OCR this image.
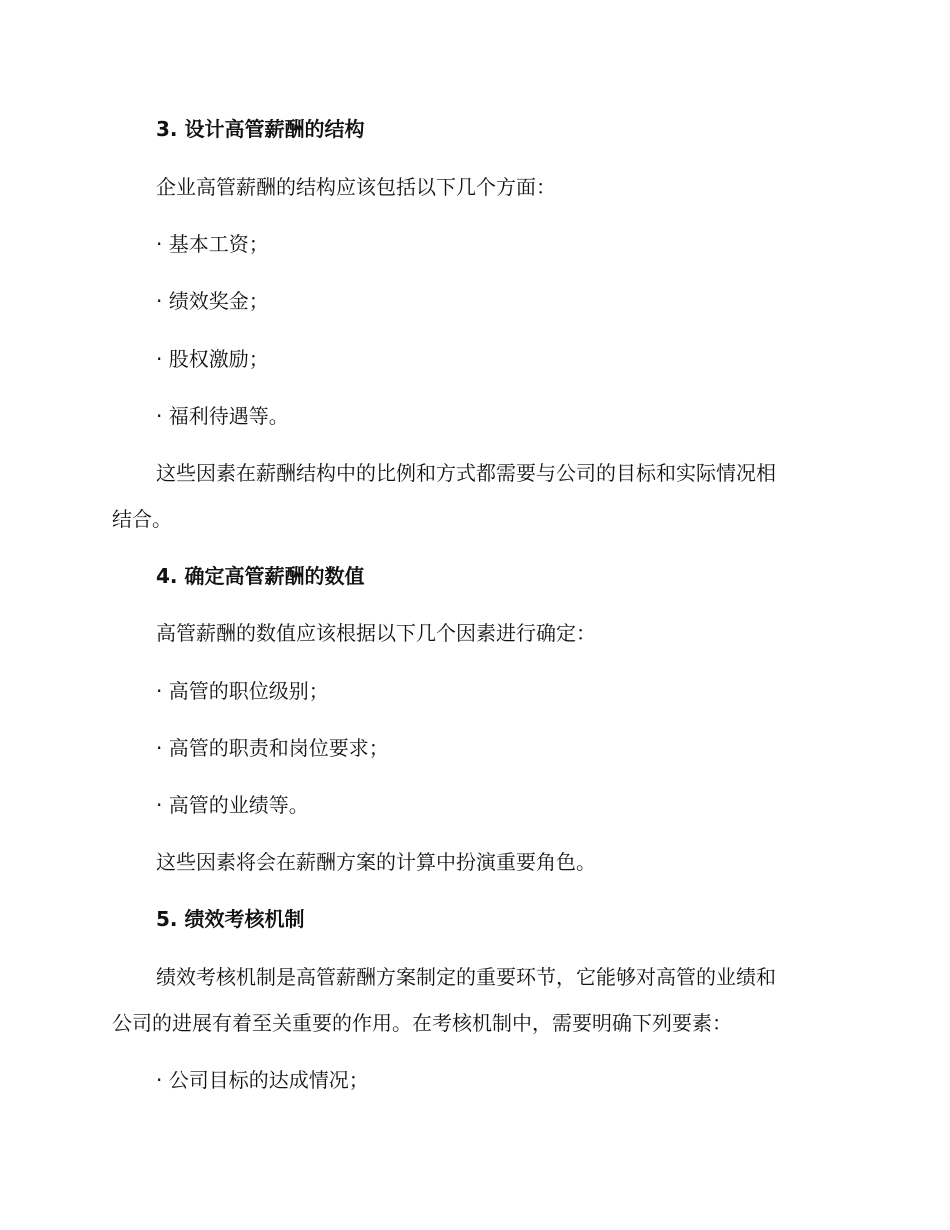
3. 设计高管薪酬的结构
企业高管薪酬的结构应该包括以下几个方面：
· 基本工资；
· 绩效奖金；
· 股权激励；
· 福利待遇等。
这些因素在薪酬结构中的比例和方式都需要与公司的目标和实际情况相
结合。
4. 确定高管薪酬的数值
高管薪酬的数值应该根据以下几个因素进行确定：
· 高管的职位级别；
· 高管的职责和岗位要求；
· 高管的业绩等。
这些因素将会在薪酬方案的计算中扮演重要角色。
5. 绩效考核机制
绩效考核机制是高管薪酬方案制定的重要环节，它能够对高管的业绩和
公司的进展有着至关重要的作用。在考核机制中，需要明确下列要素：
· 公司目标的达成情况；
